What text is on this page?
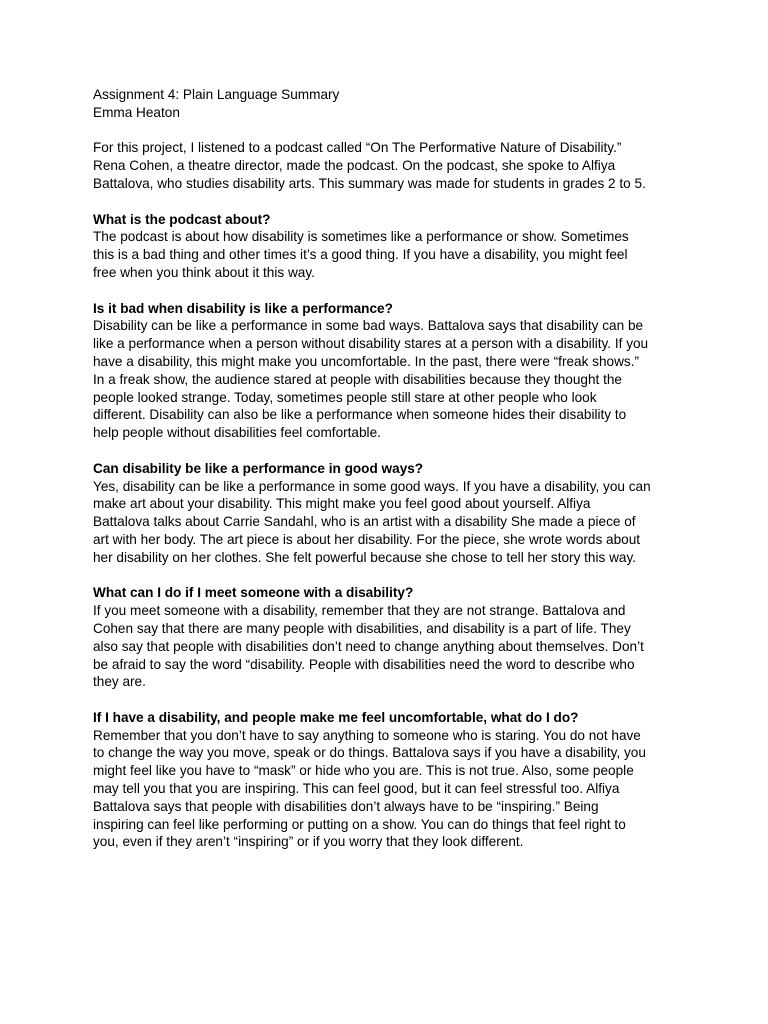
Assignment 4: Plain Language Summary

Emma Heaton

For this project, I listened to a podcast called “On The Performative Nature of Disability.”

Rena Cohen, a theatre director, made the podcast. On the podcast, she spoke to Alfiya

Battalova, who studies disability arts. This summary was made for students in grades 2 to 5.

What is the podcast about?

The podcast is about how disability is sometimes like a performance or show. Sometimes

this is a bad thing and other times it’s a good thing. If you have a disability, you might feel

free when you think about it this way.

Is it bad when disability is like a performance?

Disability can be like a performance in some bad ways. Battalova says that disability can be

like a performance when a person without disability stares at a person with a disability. If you

have a disability, this might make you uncomfortable. In the past, there were “freak shows.”

In a freak show, the audience stared at people with disabilities because they thought the

people looked strange. Today, sometimes people still stare at other people who look

different. Disability can also be like a performance when someone hides their disability to

help people without disabilities feel comfortable.

Can disability be like a performance in good ways?

Yes, disability can be like a performance in some good ways. If you have a disability, you can

make art about your disability. This might make you feel good about yourself. Alfiya

Battalova talks about Carrie Sandahl, who is an artist with a disability She made a piece of

art with her body. The art piece is about her disability. For the piece, she wrote words about

her disability on her clothes. She felt powerful because she chose to tell her story this way.

What can I do if I meet someone with a disability?

If you meet someone with a disability, remember that they are not strange. Battalova and

Cohen say that there are many people with disabilities, and disability is a part of life. They

also say that people with disabilities don’t need to change anything about themselves. Don’t

be afraid to say the word “disability. People with disabilities need the word to describe who

they are.

If I have a disability, and people make me feel uncomfortable, what do I do?

Remember that you don’t have to say anything to someone who is staring. You do not have

to change the way you move, speak or do things. Battalova says if you have a disability, you

might feel like you have to “mask” or hide who you are. This is not true. Also, some people

may tell you that you are inspiring. This can feel good, but it can feel stressful too. Alfiya

Battalova says that people with disabilities don’t always have to be “inspiring.” Being

inspiring can feel like performing or putting on a show. You can do things that feel right to

you, even if they aren’t “inspiring” or if you worry that they look different.
